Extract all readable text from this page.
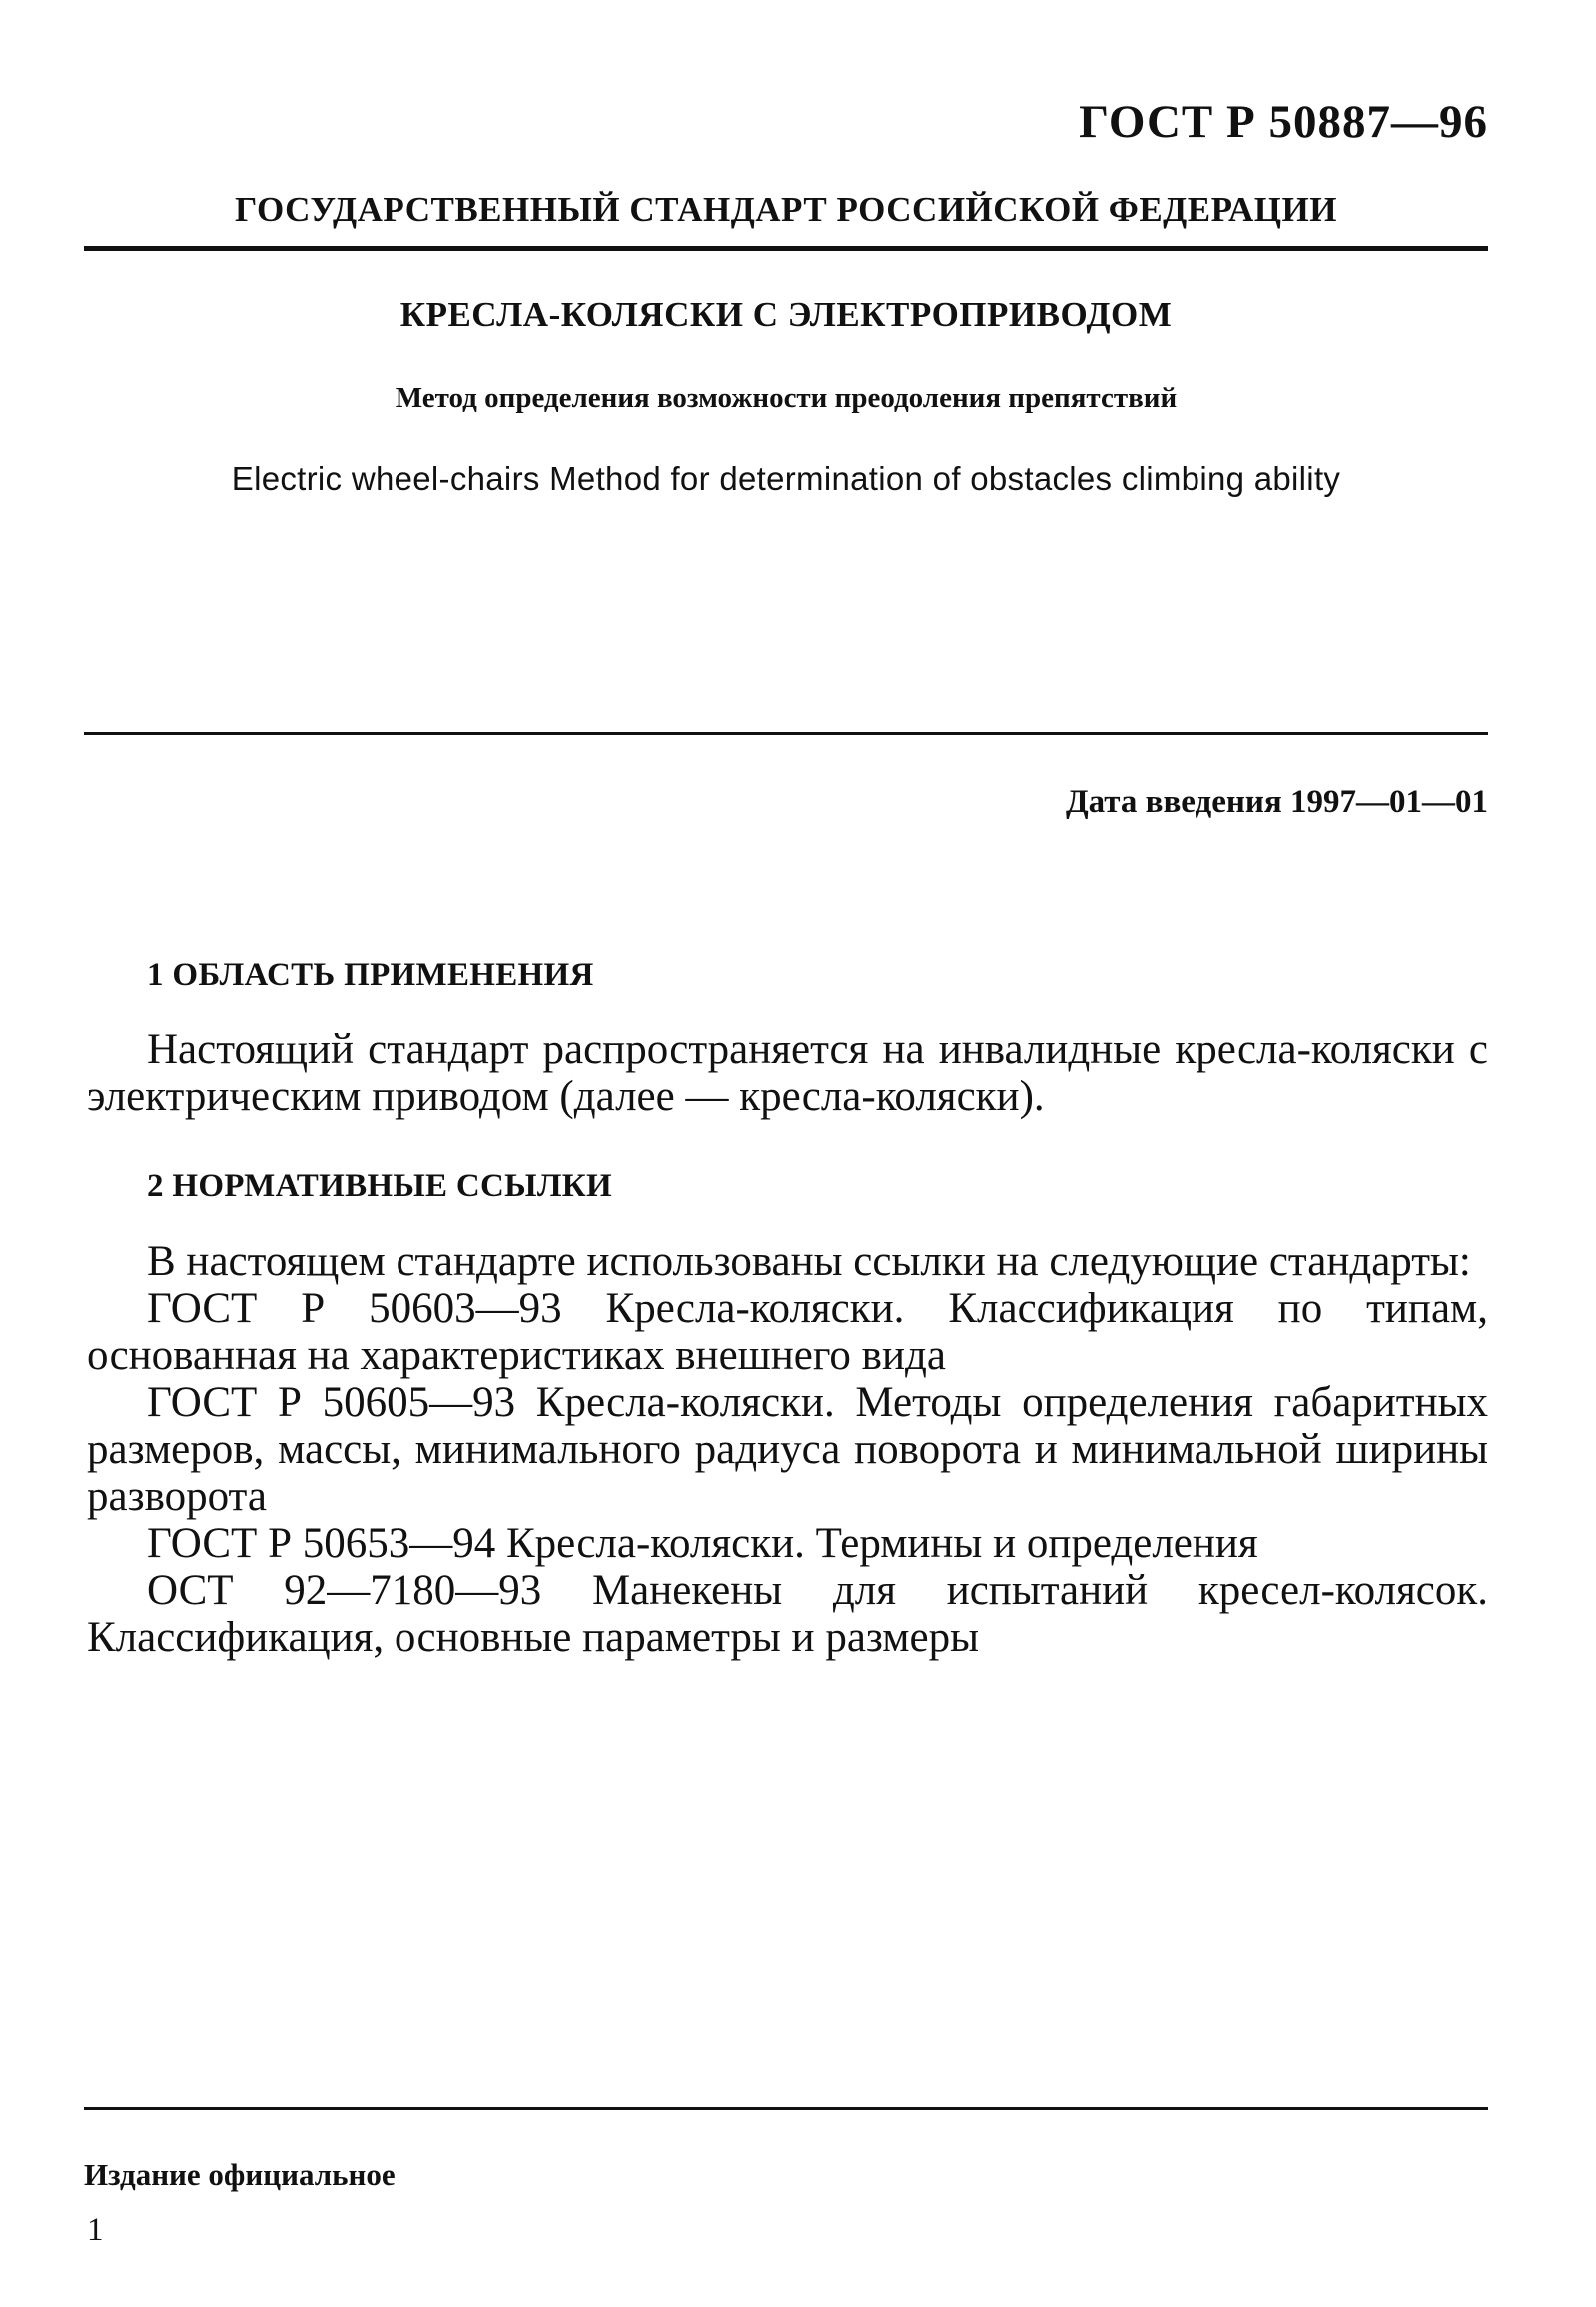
ГОСТ Р 50887—96
ГОСУДАРСТВЕННЫЙ СТАНДАРТ РОССИЙСКОЙ ФЕДЕРАЦИИ
КРЕСЛА-КОЛЯСКИ С ЭЛЕКТРОПРИВОДОМ
Метод определения возможности преодоления препятствий
Electric wheel-chairs Method for determination of obstacles climbing ability
Дата введения 1997—01—01
1 ОБЛАСТЬ ПРИМЕНЕНИЯ

Настоящий стандарт распространяется на инвалидные кресла-коляски с электрическим приводом (далее — кресла-коляски).

2 НОРМАТИВНЫЕ ССЫЛКИ

В настоящем стандарте использованы ссылки на следующие стандарты:

ГОСТ Р 50603—93 Кресла-коляски. Классификация по типам, основанная на характеристиках внешнего вида

ГОСТ Р 50605—93 Кресла-коляски. Методы определения габаритных размеров, массы, минимального радиуса поворота и минимальной ширины разворота

ГОСТ Р 50653—94 Кресла-коляски. Термины и определения

ОСТ 92—7180—93 Манекены для испытаний кресел-колясок. Классификация, основные параметры и размеры

Издание официальное
1
